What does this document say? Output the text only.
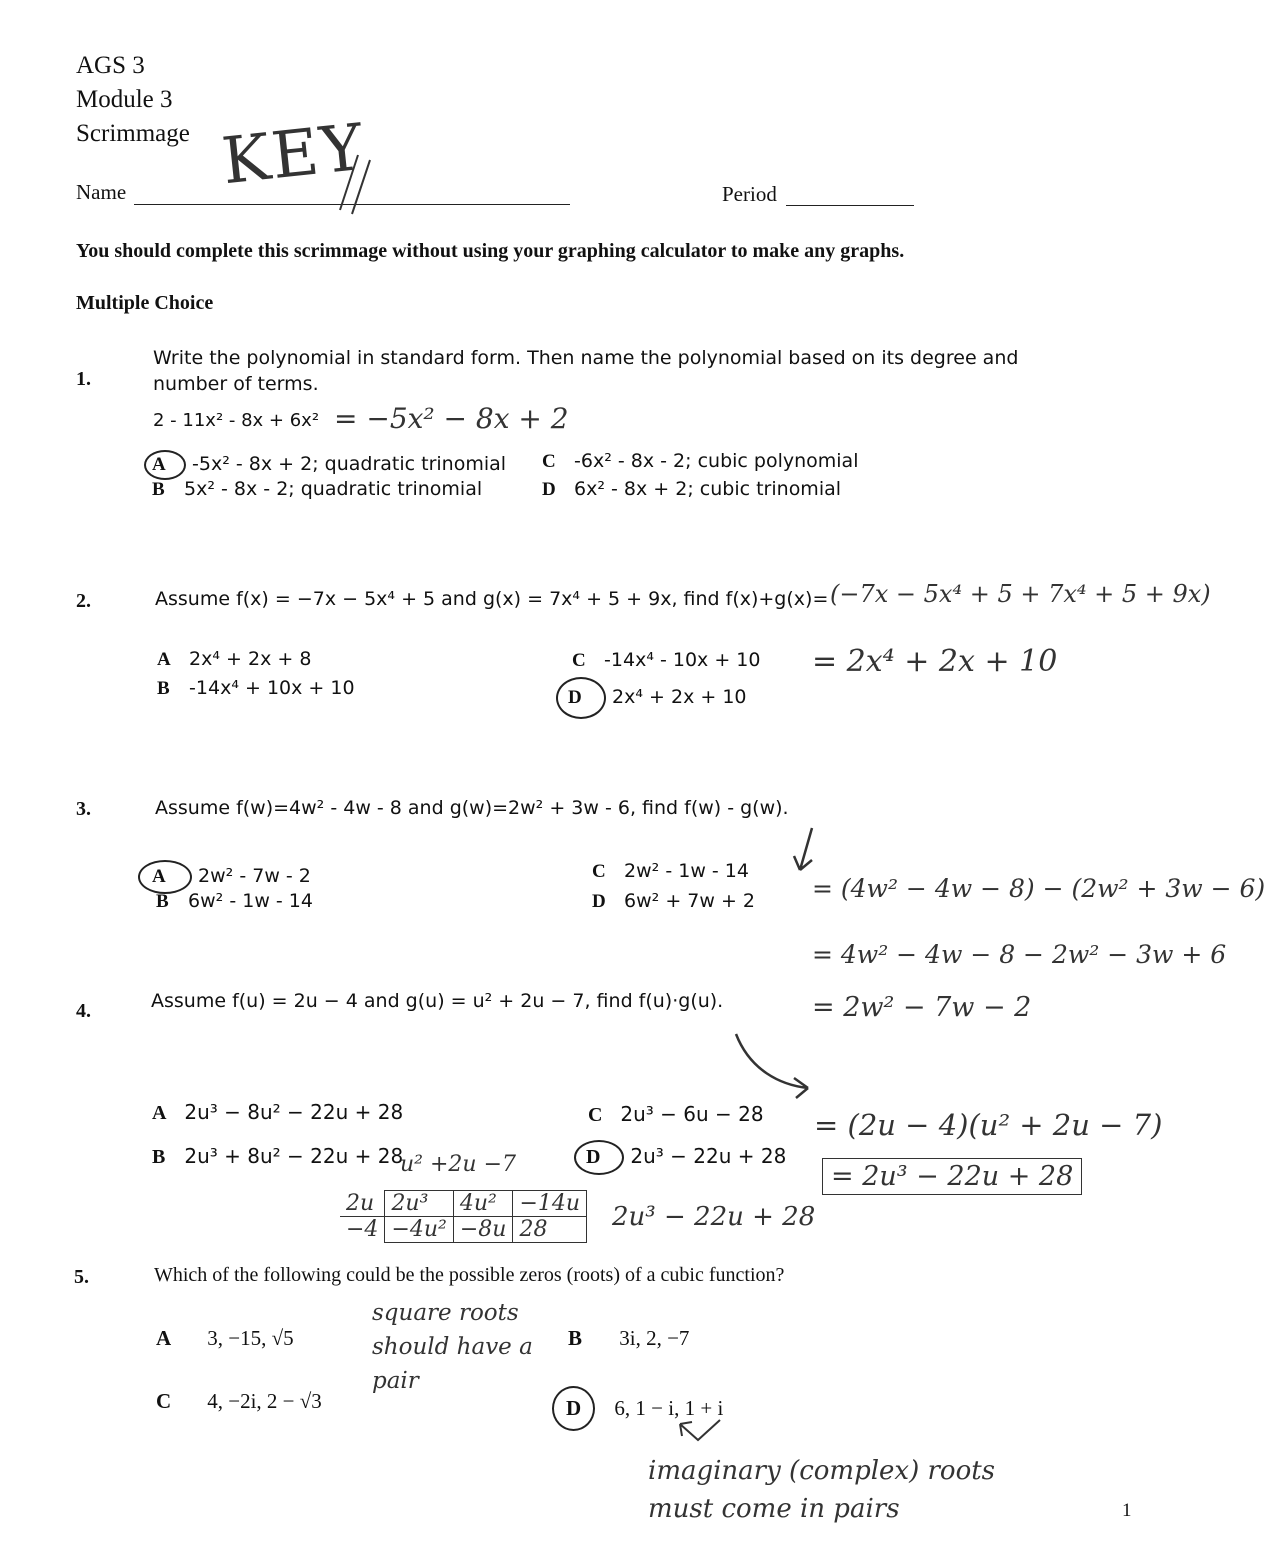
AGS 3
Module 3
Scrimmage
Name KEY	Period
You should complete this scrimmage without using your graphing calculator to make any graphs.
Multiple Choice
1.
Write the polynomial in standard form. Then name the polynomial based on its degree and number of terms.
2 - 11x² - 8x + 6x² = −5x² − 8x + 2
A -5x² - 8x + 2; quadratic trinomial
B 5x² - 8x - 2; quadratic trinomial
C -6x² - 8x - 2; cubic polynomial
D 6x² - 8x + 2; cubic trinomial
2.	Assume f(x) = −7x − 5x⁴ + 5 and g(x) = 7x⁴ + 5 + 9x, find f(x)+g(x)= (−7x − 5x⁴ + 5 + 7x⁴ + 5 + 9x)
= 2x⁴ + 2x + 10
A 2x⁴ + 2x + 8
B -14x⁴ + 10x + 10
C -14x⁴ - 10x + 10
D 2x⁴ + 2x + 10
3.	Assume f(w)=4w² - 4w - 8 and g(w)=2w² + 3w - 6, find f(w) - g(w).
= (4w² − 4w − 8) − (2w² + 3w − 6)
= 4w² − 4w − 8 − 2w² − 3w + 6
= 2w² − 7w − 2
A 2w² - 7w - 2
B 6w² - 1w - 14
C 2w² - 1w - 14
D 6w² + 7w + 2
4.	Assume f(u) = 2u − 4 and g(u) = u² + 2u − 7, find f(u)·g(u).
= (2u − 4)(u² + 2u − 7)
= 2u³ − 22u + 28
A 2u³ − 8u² − 22u + 28
B 2u³ + 8u² − 22u + 28
C 2u³ − 6u − 28
D 2u³ − 22u + 28
u² +2u −7
2u	2u³	4u²	−14u
−4	−4u²	−8u	28 2u³ − 22u + 28
5.	Which of the following could be the possible zeros (roots) of a cubic function?
A 3, −15, √5	B 3i, 2, −7
C 4, −2i, 2 − √3	D 6, 1 − i, 1 + i
square roots should have a pair
imaginary (complex) roots must come in pairs	1
